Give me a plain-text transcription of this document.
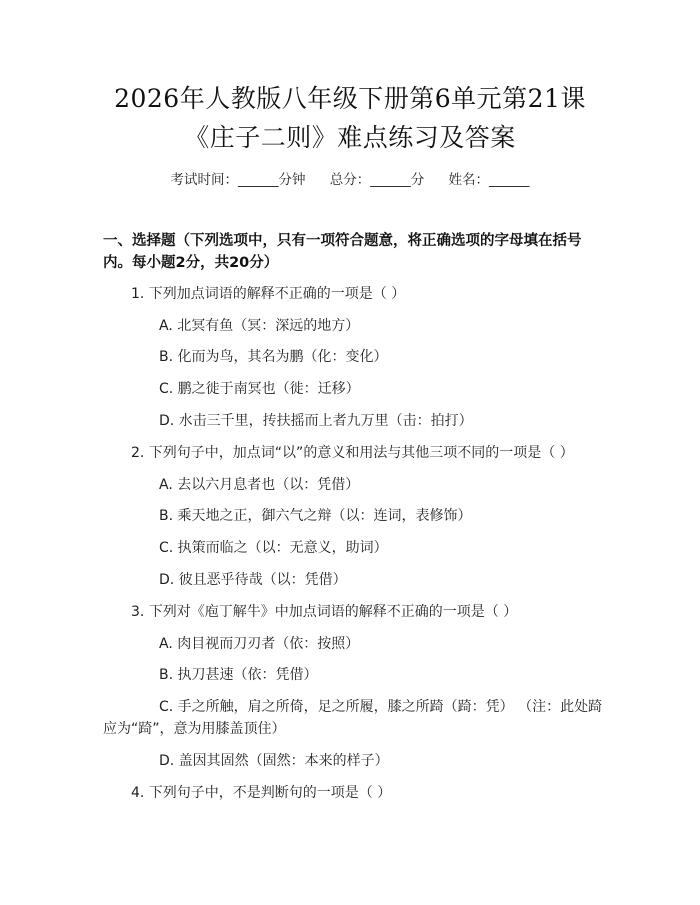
2026年人教版八年级下册第6单元第21课
《庄子二则》难点练习及答案
考试时间：______分钟 总分：______分 姓名：______
一、选择题（下列选项中，只有一项符合题意，将正确选项的字母填在括号内。每小题2分，共20分）
1. 下列加点词语的解释不正确的一项是（ ）
A. 北冥有鱼（冥：深远的地方）
B. 化而为鸟，其名为鹏（化：变化）
C. 鹏之徙于南冥也（徙：迁移）
D. 水击三千里，抟扶摇而上者九万里（击：拍打）
2. 下列句子中，加点词“以”的意义和用法与其他三项不同的一项是（ ）
A. 去以六月息者也（以：凭借）
B. 乘天地之正，御六气之辩（以：连词，表修饰）
C. 执策而临之（以：无意义，助词）
D. 彼且恶乎待哉（以：凭借）
3. 下列对《庖丁解牛》中加点词语的解释不正确的一项是（ ）
A. 肉目视而刀刃者（依：按照）
B. 执刀甚速（依：凭借）
C. 手之所触，肩之所倚，足之所履，膝之所踦（踦：凭） （注：此处踦
应为“踦”，意为用膝盖顶住）
D. 盖因其固然（固然：本来的样子）
4. 下列句子中，不是判断句的一项是（ ）
